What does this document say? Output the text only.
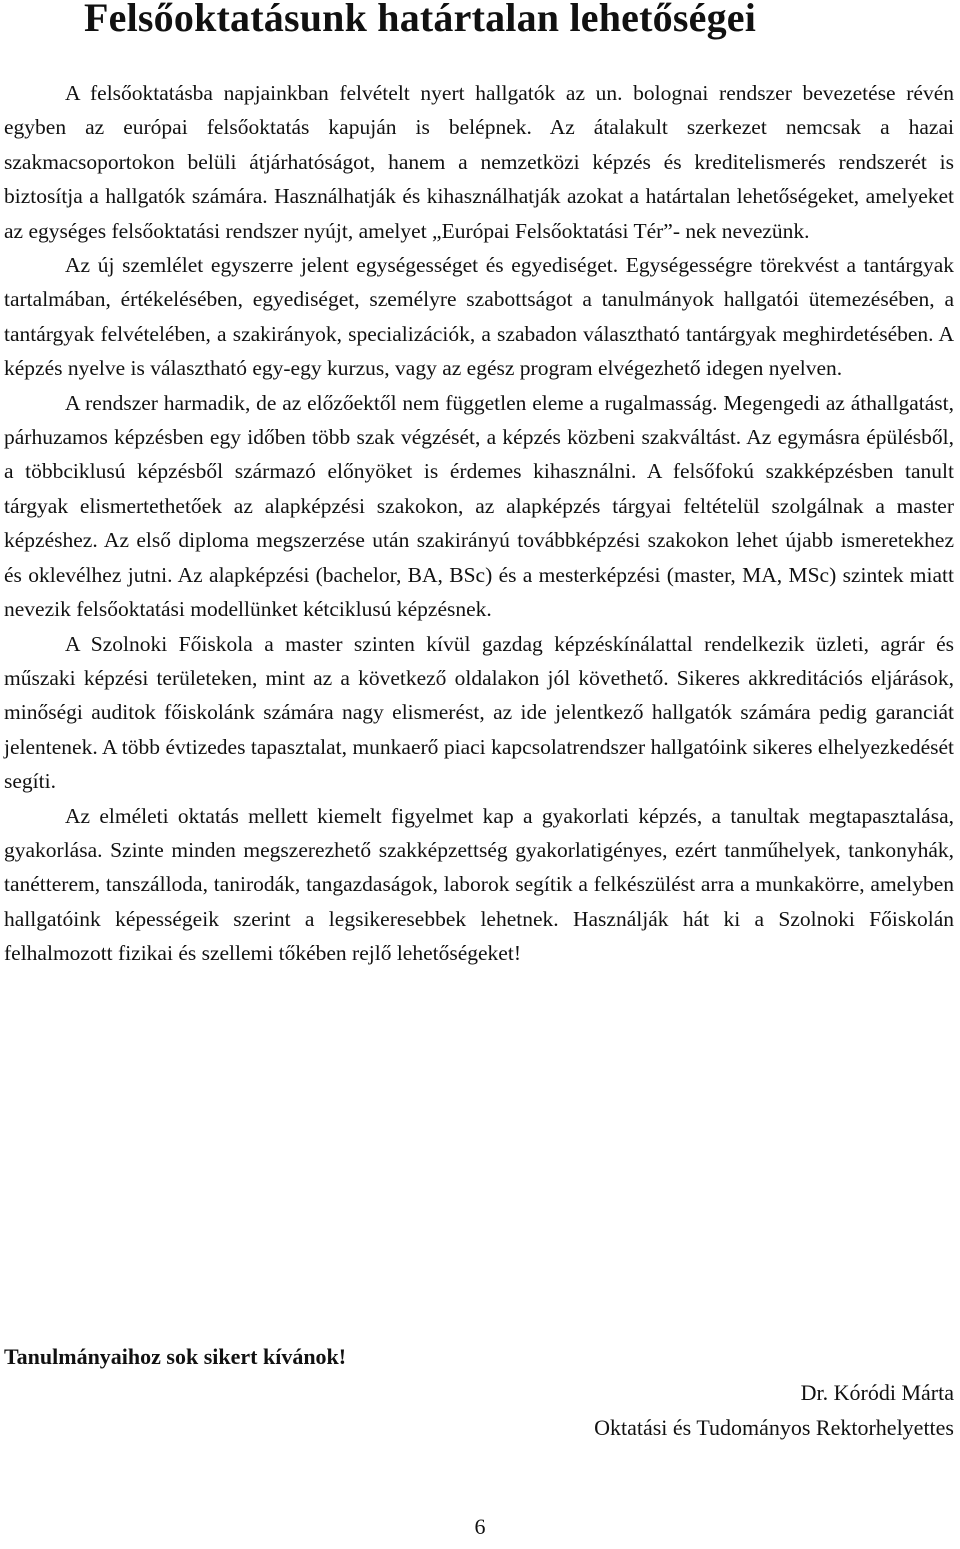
Felsőoktatásunk határtalan lehetőségei

A felsőoktatásba napjainkban felvételt nyert hallgatók az un. bolognai rendszer bevezetése révén egyben az európai felsőoktatás kapuján is belépnek. Az átalakult szerkezet nemcsak a hazai szakmacsoportokon belüli átjárhatóságot, hanem a nemzetközi képzés és kreditelismerés rendszerét is biztosítja a hallgatók számára. Használhatják és kihasználhatják azokat a határtalan lehetőségeket, amelyeket az egységes felsőoktatási rendszer nyújt, amelyet „Európai Felsőoktatási Tér”- nek nevezünk.

Az új szemlélet egyszerre jelent egységességet és egyediséget. Egységességre törekvést a tantárgyak tartalmában, értékelésében, egyediséget, személyre szabottságot a tanulmányok hallgatói ütemezésében, a tantárgyak felvételében, a szakirányok, specializációk, a szabadon választható tantárgyak meghirdetésében. A képzés nyelve is választható egy-egy kurzus, vagy az egész program elvégezhető idegen nyelven.

A rendszer harmadik, de az előzőektől nem független eleme a rugalmasság. Megengedi az áthallgatást, párhuzamos képzésben egy időben több szak végzését, a képzés közbeni szakváltást. Az egymásra épülésből, a többciklusú képzésből származó előnyöket is érdemes kihasználni. A felsőfokú szakképzésben tanult tárgyak elismertethetőek az alapképzési szakokon, az alapképzés tárgyai feltételül szolgálnak a master képzéshez. Az első diploma megszerzése után szakirányú továbbképzési szakokon lehet újabb ismeretekhez és oklevélhez jutni. Az alapképzési (bachelor, BA, BSc) és a mesterképzési (master, MA, MSc) szintek miatt nevezik felsőoktatási modellünket kétciklusú képzésnek.

A Szolnoki Főiskola a master szinten kívül gazdag képzéskínálattal rendelkezik üzleti, agrár és műszaki képzési területeken, mint az a következő oldalakon jól követhető. Sikeres akkreditációs eljárások, minőségi auditok főiskolánk számára nagy elismerést, az ide jelentkező hallgatók számára pedig garanciát jelentenek. A több évtizedes tapasztalat, munkaerő piaci kapcsolatrendszer hallgatóink sikeres elhelyezkedését segíti.

Az elméleti oktatás mellett kiemelt figyelmet kap a gyakorlati képzés, a tanultak megtapasztalása, gyakorlása. Szinte minden megszerezhető szakképzettség gyakorlatigényes, ezért tanműhelyek, tankonyhák, tanétterem, tanszálloda, tanirodák, tangazdaságok, laborok segítik a felkészülést arra a munkakörre, amelyben hallgatóink képességeik szerint a legsikeresebbek lehetnek. Használják hát ki a Szolnoki Főiskolán felhalmozott fizikai és szellemi tőkében rejlő lehetőségeket!

Tanulmányaihoz sok sikert kívánok!
Dr. Kóródi Márta
Oktatási és Tudományos Rektorhelyettes
6
